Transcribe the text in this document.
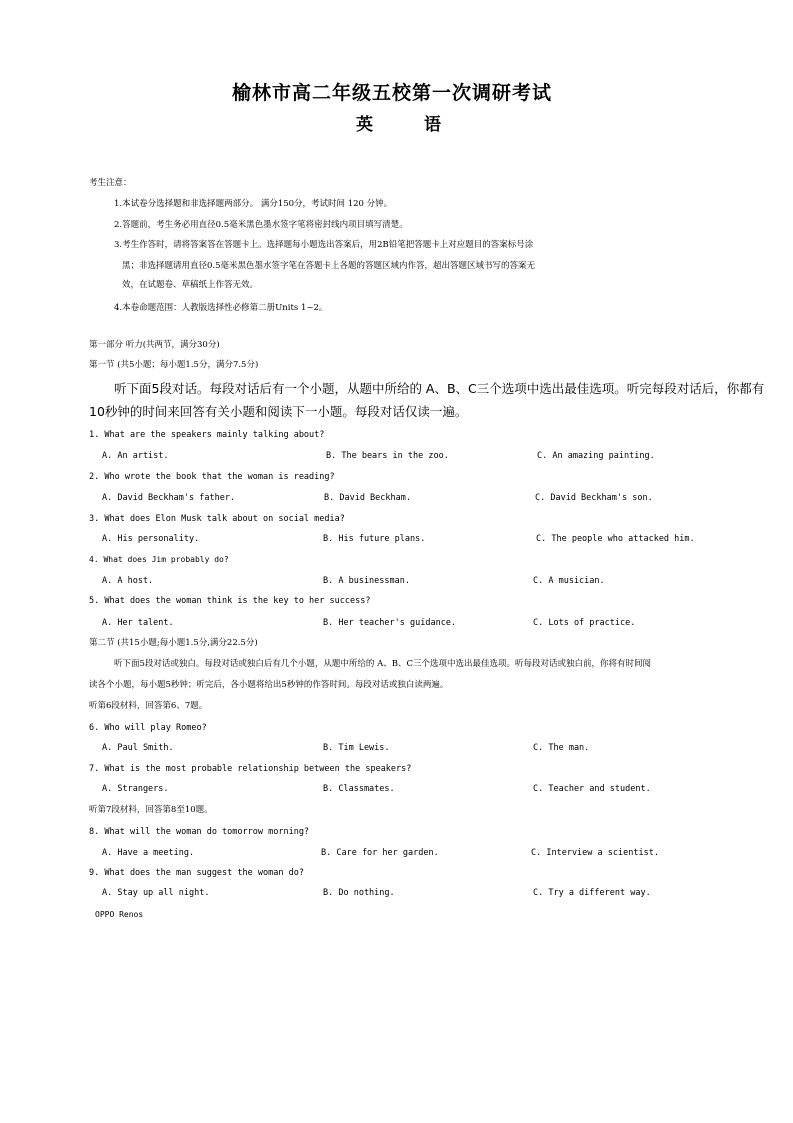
榆林市高二年级五校第一次调研考试
英	语
考生注意：
1.本试卷分选择题和非选择题两部分。 满分150分，考试时间 120 分钟。
2.答题前，考生务必用直径0.5毫米黑色墨水签字笔将密封线内项目填写清楚。
3.考生作答时，请将答案答在答题卡上。选择题每小题选出答案后，用2B铅笔把答题卡上对应题目的答案标号涂
黑；非选择题请用直径0.5毫米黑色墨水签字笔在答题卡上各题的答题区域内作答，超出答题区域书写的答案无
效，在试题卷、草稿纸上作答无效。
4.本卷命题范围：人教版选择性必修第二册Units 1~2。
第一部分 听力(共两节，满分30分)
第一节 (共5小题；每小题1.5分，满分7.5分)
听下面5段对话。每段对话后有一个小题，从题中所给的 A、B、C三个选项中选出最佳选项。听完每段对话后，你都有
10秒钟的时间来回答有关小题和阅读下一小题。每段对话仅读一遍。
1. What are the speakers mainly talking about?
A. An artist.	B. The bears in the zoo.	C. An amazing painting.
2. Who wrote the book that the woman is reading?
A. David Beckham's father.	B. David Beckham.	C. David Beckham's son.
3. What does Elon Musk talk about on social media?
A. His personality.	B. His future plans.	C. The people who attacked him.
4. What does Jim probably do?
A. A host.	B. A businessman.	C. A musician.
5. What does the woman think is the key to her success?
A. Her talent.	B. Her teacher's guidance.	C. Lots of practice.
第二节 (共15小题;每小题1.5分,满分22.5分)
听下面5段对话或独白。每段对话或独白后有几个小题，从题中所给的 A、B、C三个选项中选出最佳选项。听每段对话或独白前，你将有时间阅
读各个小题，每小题5秒钟；听完后，各小题将给出5秒钟的作答时间。每段对话或独白读两遍。
听第6段材料，回答第6、7题。
6. Who will play Romeo?
A. Paul Smith.	B. Tim Lewis.	C. The man.
7. What is the most probable relationship between the speakers?
A. Strangers.	B. Classmates.	C. Teacher and student.
听第7段材料，回答第8至10题。
8. What will the woman do tomorrow morning?
A. Have a meeting.	B. Care for her garden.	C. Interview a scientist.
9. What does the man suggest the woman do?
A. Stay up all night.	B. Do nothing.	C. Try a different way.
OPPO Renos
